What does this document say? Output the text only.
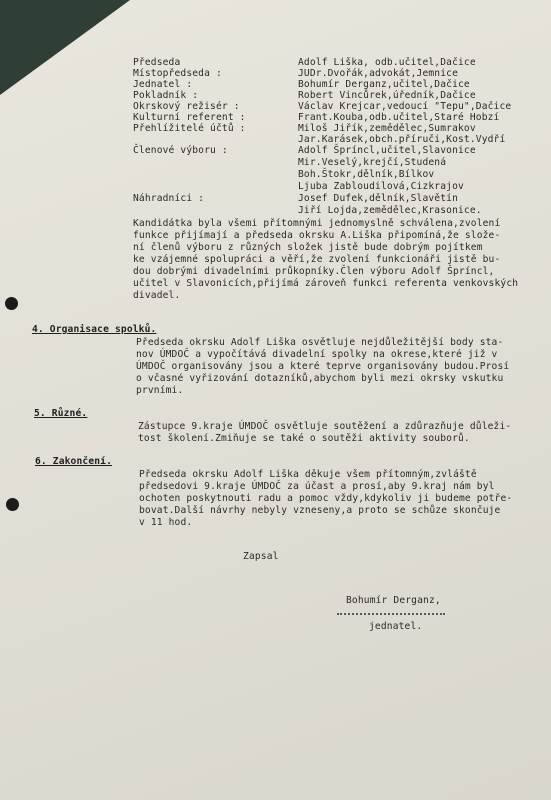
Předseda	Adolf Liška, odb.učitel,Dačice
Místopředseda :	JUDr.Dvořák,advokát,Jemnice
Jednatel :	Bohumír Derganz,učitel,Dačice
Pokladník :	Robert Vincůrek,úředník,Dačice
Okrskový režisér :	Václav Krejcar,vedoucí "Tepu",Dačice
Kulturní referent :	Frant.Kouba,odb.učitel,Staré Hobzí
Přehlížitelé účtů :	Miloš Jiřík,zemědělec,Sumrakov
Jar.Karásek,obch.příruči,Kost.Vydří
Členové výboru :	Adolf Špríncl,učitel,Slavonice
Mir.Veselý,krejčí,Studená
Boh.Štokr,dělník,Bílkov
Ljuba Zabloudilová,Cizkrajov
Náhradníci :	Josef Dufek,dělník,Slavětín
Jiří Lojda,zemědělec,Krasonice.
Kandidátka byla všemi přítomnými jednomyslně schválena,zvolení
funkce přijímají a předseda okrsku A.Liška připomíná,že slože-
ní členů výboru z různých složek jistě bude dobrým pojítkem
ke vzájemné spolupráci a věří,že zvolení funkcionáři jistě bu-
dou dobrými divadelními průkopníky.Člen výboru Adolf Špríncl,
učitel v Slavonicích,přijímá zároveň funkci referenta venkovských
divadel.
4. Organisace spolků.
Předseda okrsku Adolf Liška osvětluje nejdůležitější body sta-
nov ÚMDOČ a vypočítává divadelní spolky na okrese,které již v
ÚMDOČ organisovány jsou a které teprve organisovány budou.Prosí
o včasné vyřizování dotazníků,abychom byli mezi okrsky vskutku
prvními.
5. Různé.
Zástupce 9.kraje ÚMDOČ osvětluje soutěžení a zdůrazňuje důleži-
tost školení.Zmiňuje se také o soutěži aktivity souborů.
6. Zakončení.
Předseda okrsku Adolf Liška děkuje všem přítomným,zvláště
předsedovi 9.kraje ÚMDOČ za účast a prosí,aby 9.kraj nám byl
ochoten poskytnouti radu a pomoc vždy,kdykoliv ji budeme potře-
bovat.Další návrhy nebyly vzneseny,a proto se schůze skončuje
v 11 hod.
Zapsal
Bohumír Derganz,
jednatel.
